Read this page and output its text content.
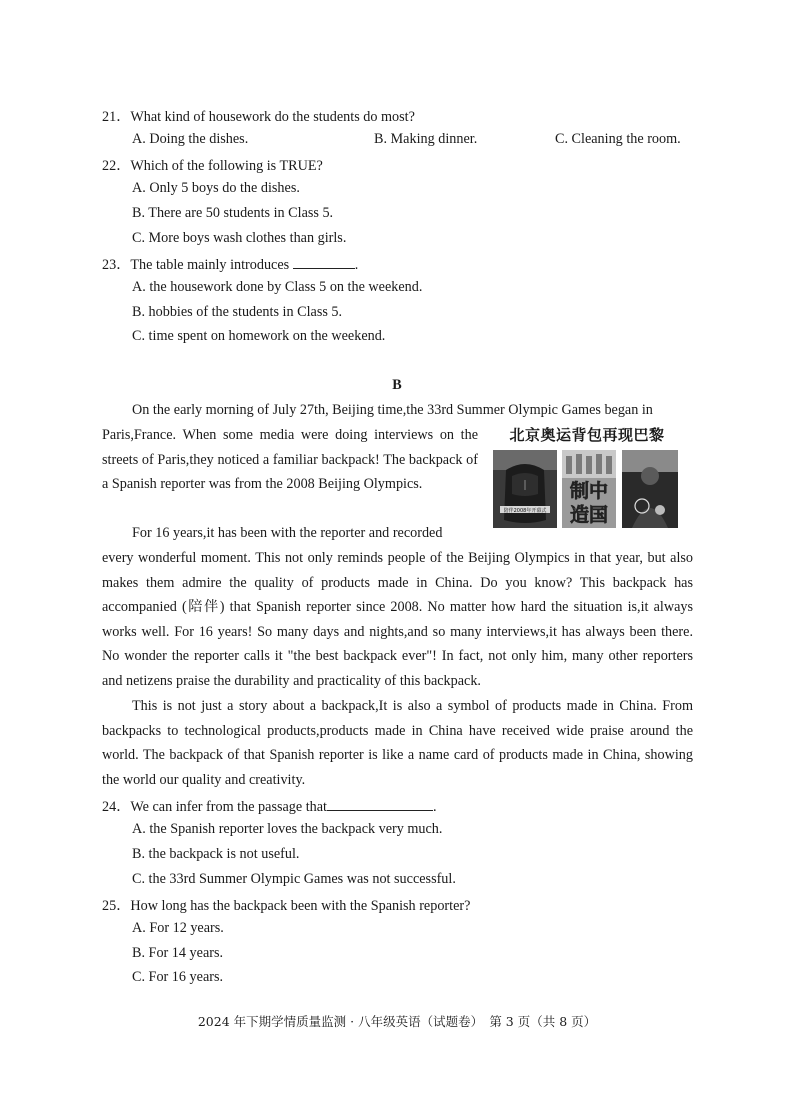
21．What kind of housework do the students do most?
A. Doing the dishes.	B. Making dinner.	C. Cleaning the room.
22．Which of the following is TRUE?
A. Only 5 boys do the dishes.
B. There are 50 students in Class 5.
C. More boys wash clothes than girls.
23．The table mainly introduces	.
A. the housework done by Class 5 on the weekend.
B. hobbies of the students in Class 5.
C. time spent on homework on the weekend.
B
On the early morning of July 27th, Beijing time,the 33rd Summer Olympic Games began in
Paris,France. When some media were doing interviews on the streets of Paris,they noticed a familiar backpack! The backpack of a Spanish reporter was from the 2008 Beijing Olympics.
For 16 years,it has been with the reporter and recorded
every wonderful moment. This not only reminds people of the Beijing Olympics in that year, but also makes them admire the quality of products made in China. Do you know? This backpack has accompanied (陪伴) that Spanish reporter since 2008. No matter how hard the situation is,it always works well. For 16 years! So many days and nights,and so many interviews,it has always been there. No wonder the reporter calls it "the best backpack ever"! In fact, not only him, many other reporters and netizens praise the durability and practicality of this backpack.
This is not just a story about a backpack,It is also a symbol of products made in China. From backpacks to technological products,products made in China have received wide praise around the world. The backpack of that Spanish reporter is like a name card of products made in China, showing the world our quality and creativity.
北京奥运背包再现巴黎
陪伴2008年开幕式
制中
造国
24．We can infer from the passage that	.
A. the Spanish reporter loves the backpack very much.
B. the backpack is not useful.
C. the 33rd Summer Olympic Games was not successful.
25．How long has the backpack been with the Spanish reporter?
A. For 12 years.
B. For 14 years.
C. For 16 years.
2024 年下期学情质量监测 · 八年级英语（试题卷）　第 3 页（共 8 页）
